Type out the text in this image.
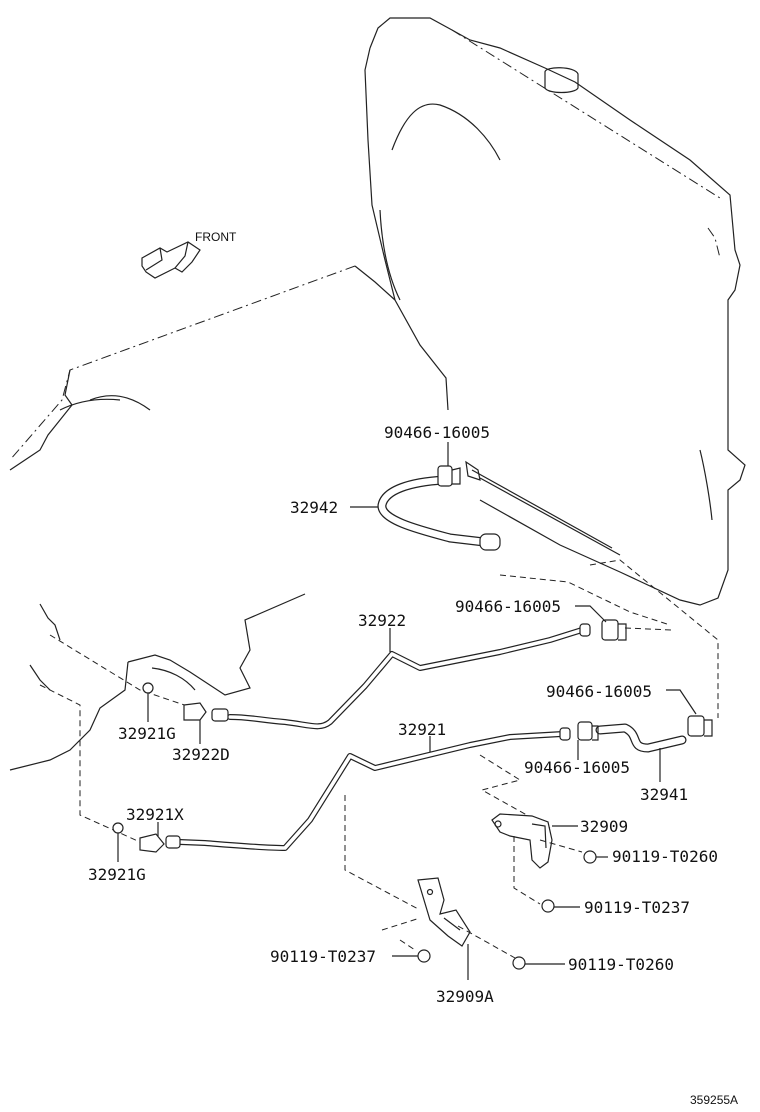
FRONT
90466-16005
32942
90466-16005
32922
32921G
32922D
90466-16005
32941
90466-16005
32921
32921X
32921G
32909
90119-T0260
90119-T0237
32909A
90119-T0237	90119-T0260
359255A
